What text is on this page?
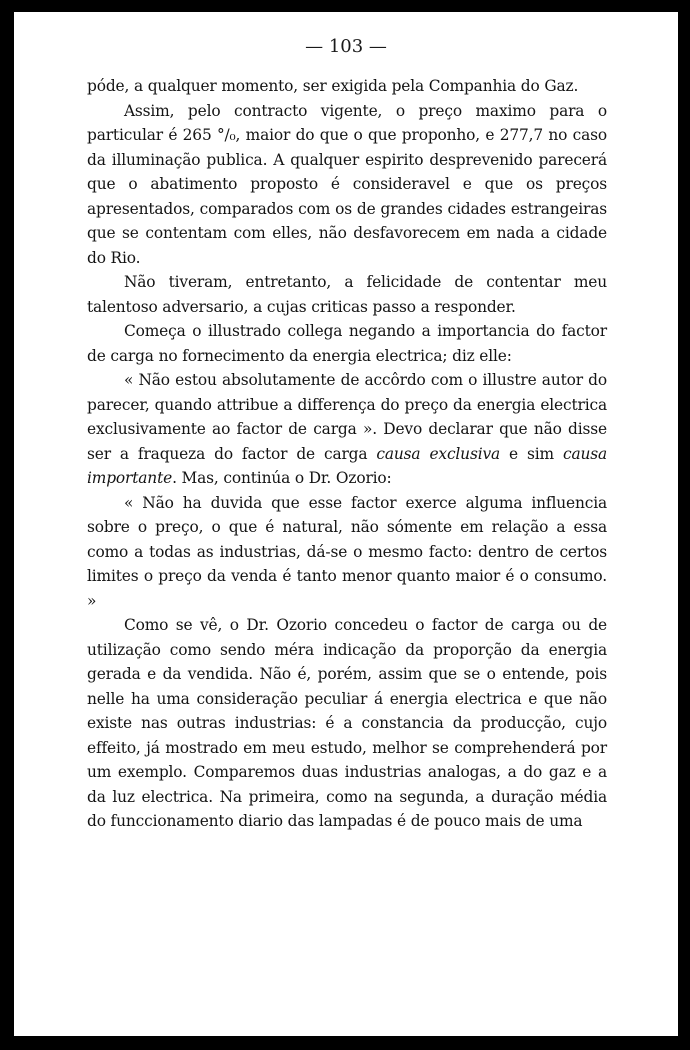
— 103 —

póde, a qualquer momento, ser exigida pela Companhia do Gaz.

Assim, pelo contracto vigente, o preço maximo para o particular é 265 °/₀, maior do que o que proponho, e 277,7 no caso da illuminação publica. A qualquer espirito desprevenido parecerá que o abatimento proposto é consideravel e que os preços apresentados, comparados com os de grandes cidades estrangeiras que se contentam com elles, não desfavorecem em nada a cidade do Rio.

Não tiveram, entretanto, a felicidade de contentar meu talentoso adversario, a cujas criticas passo a responder.

Começa o illustrado collega negando a importancia do factor de carga no fornecimento da energia electrica; diz elle:

« Não estou absolutamente de accôrdo com o illustre autor do parecer, quando attribue a differença do preço da energia electrica exclusivamente ao factor de carga ». Devo declarar que não disse ser a fraqueza do factor de carga causa exclusiva e sim causa importante. Mas, continúa o Dr. Ozorio:

« Não ha duvida que esse factor exerce alguma influencia sobre o preço, o que é natural, não sómente em relação a essa como a todas as industrias, dá-se o mesmo facto: dentro de certos limites o preço da venda é tanto menor quanto maior é o consumo. »

Como se vê, o Dr. Ozorio concedeu o factor de carga ou de utilização como sendo méra indicação da proporção da energia gerada e da vendida. Não é, porém, assim que se o entende, pois nelle ha uma consideração peculiar á energia electrica e que não existe nas outras industrias: é a constancia da producção, cujo effeito, já mostrado em meu estudo, melhor se comprehenderá por um exemplo. Comparemos duas industrias analogas, a do gaz e a da luz electrica. Na primeira, como na segunda, a duração média do funccionamento diario das lampadas é de pouco mais de uma
